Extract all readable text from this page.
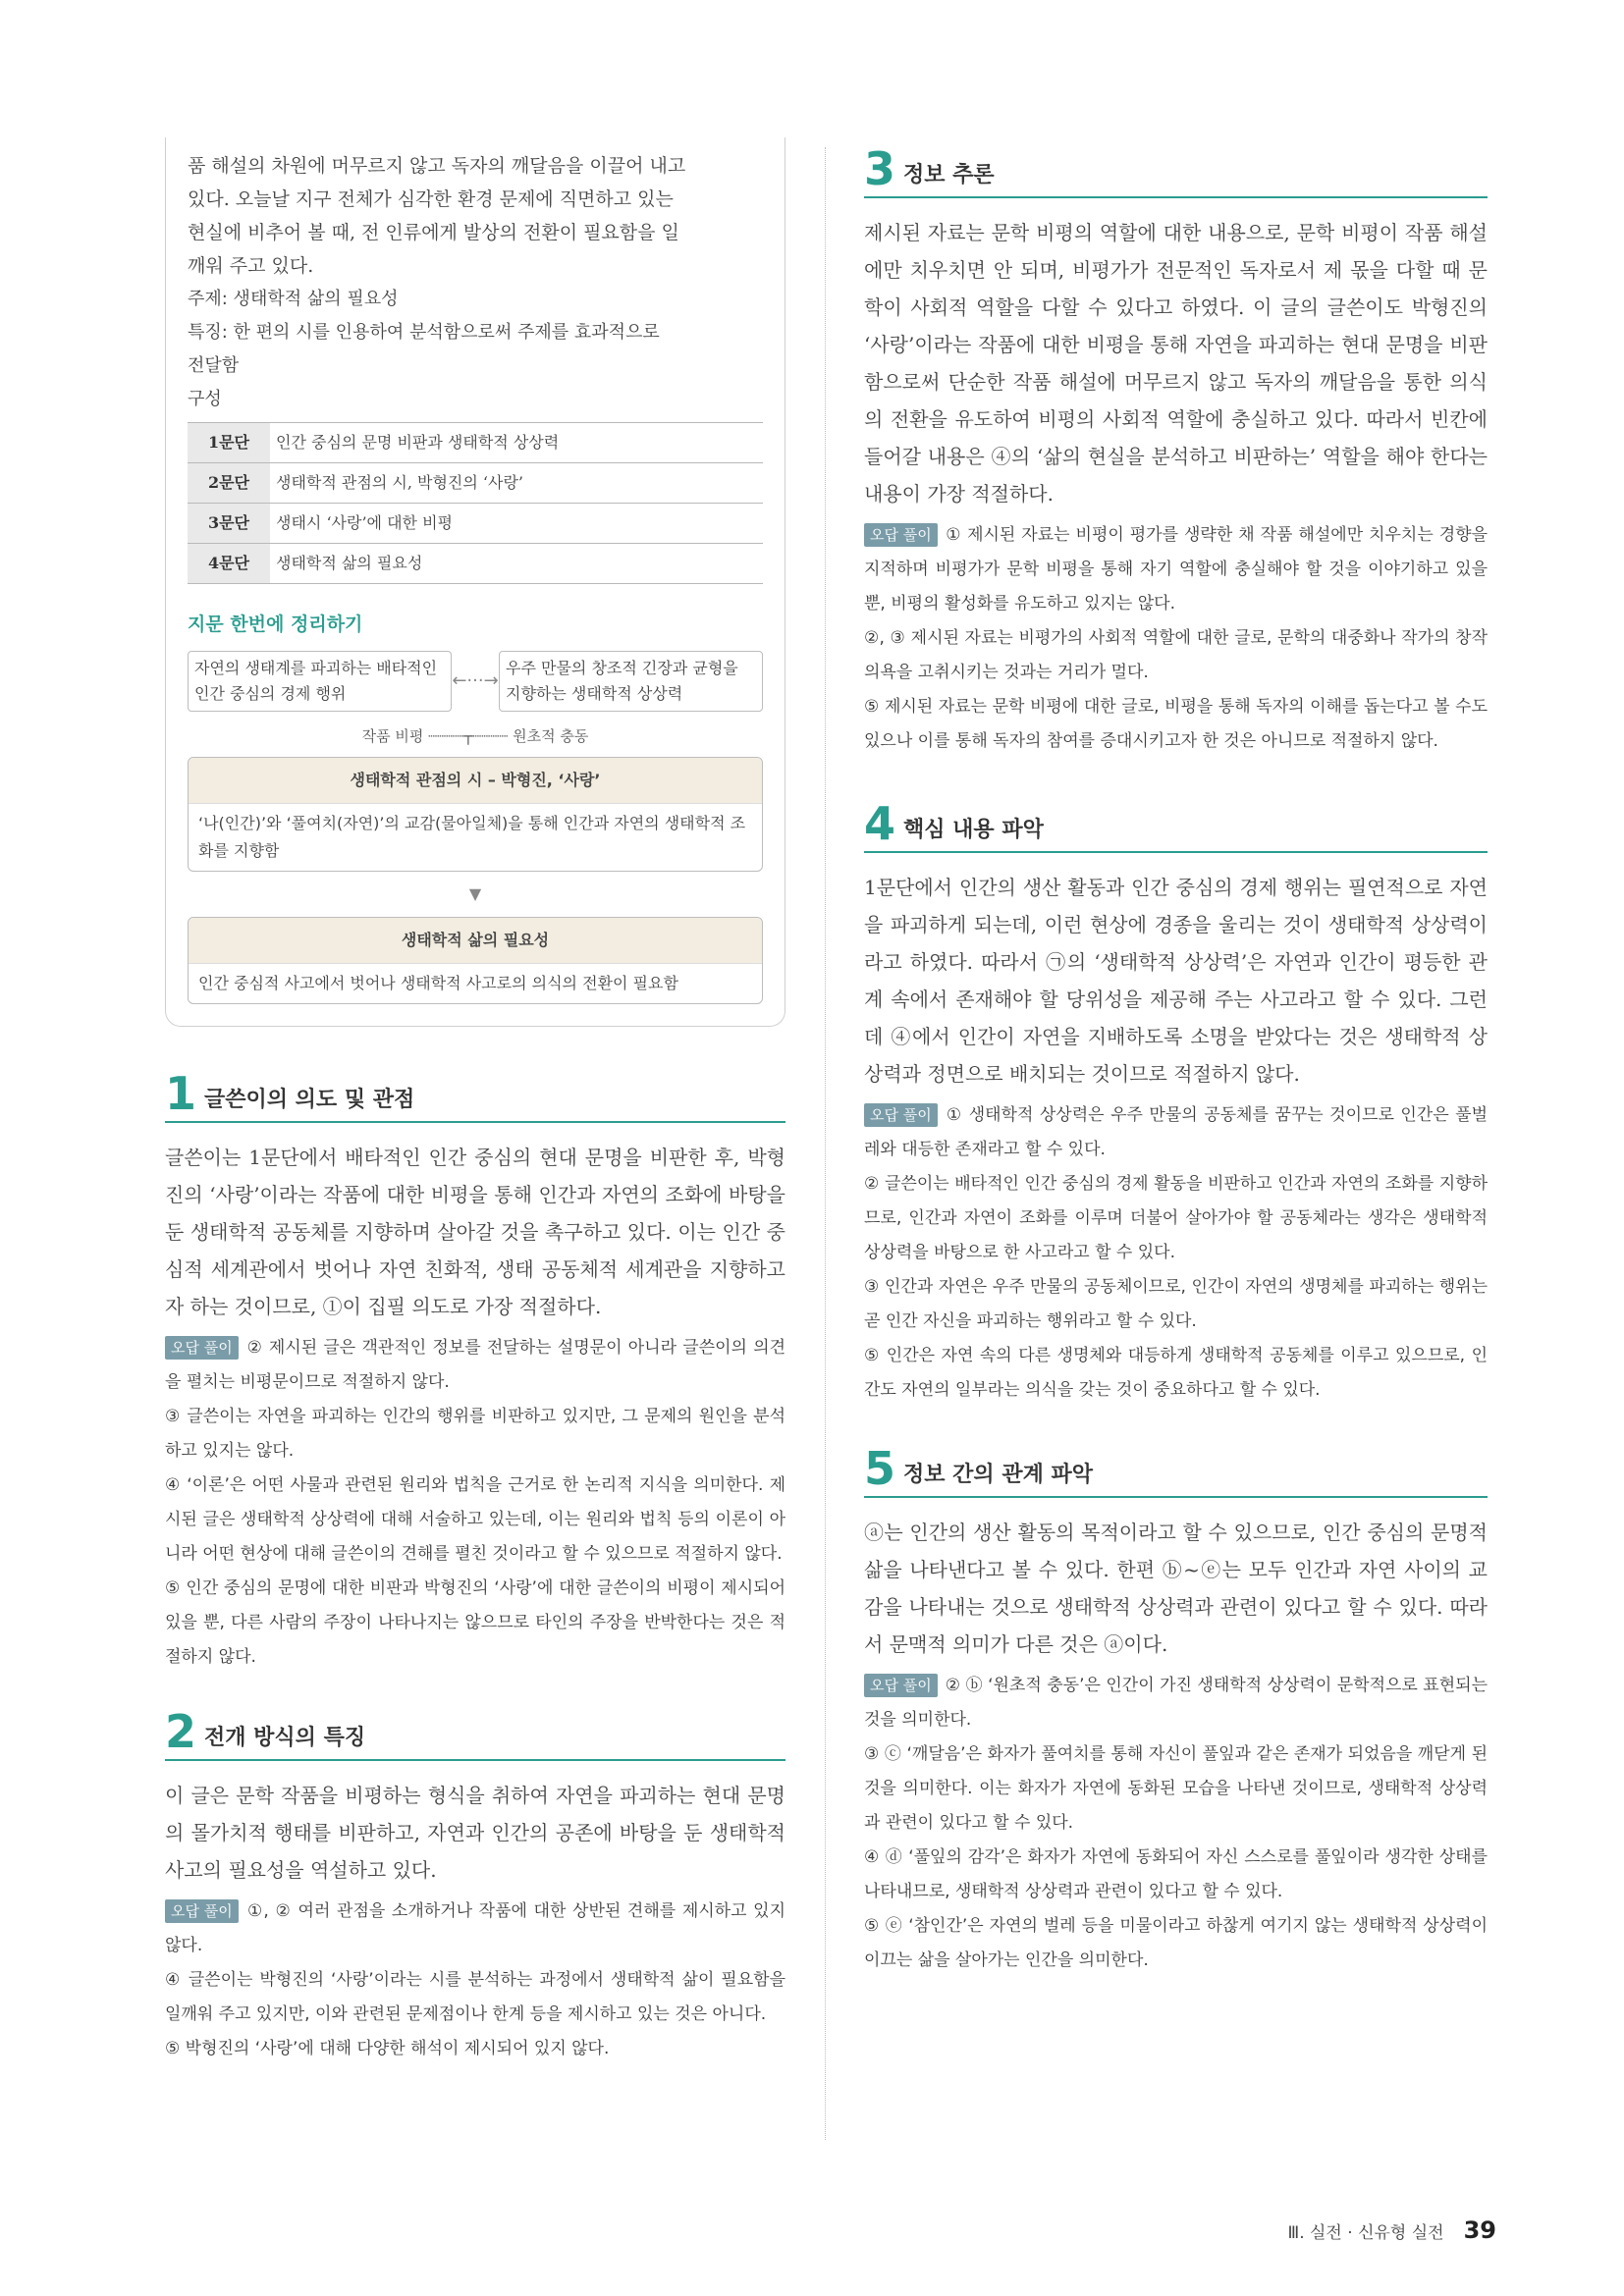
품 해설의 차원에 머무르지 않고 독자의 깨달음을 이끌어 내고

있다. 오늘날 지구 전체가 심각한 환경 문제에 직면하고 있는

현실에 비추어 볼 때, 전 인류에게 발상의 전환이 필요함을 일

깨워 주고 있다.

주제: 생태학적 삶의 필요성

특징: 한 편의 시를 인용하여 분석함으로써 주제를 효과적으로

전달함

구성

1문단	인간 중심의 문명 비판과 생태학적 상상력
2문단	생태학적 관점의 시, 박형진의 ‘사랑’
3문단	생태시 ‘사랑’에 대한 비평
4문단	생태학적 삶의 필요성
지문 한번에 정리하기
자연의 생태계를 파괴하는 배타적인 인간 중심의 경제 행위
←···→
우주 만물의 창조적 긴장과 균형을 지향하는 생태학적 상상력
작품 비평 ┈┈┈┈┬┈┈┈┈ 원초적 충동
생태학적 관점의 시 – 박형진, ‘사랑’
‘나(인간)’와 ‘풀여치(자연)’의 교감(물아일체)을 통해 인간과 자연의 생태학적 조화를 지향함
▼
생태학적 삶의 필요성
인간 중심적 사고에서 벗어나 생태학적 사고로의 의식의 전환이 필요함
1 글쓴이의 의도 및 관점

글쓴이는 1문단에서 배타적인 인간 중심의 현대 문명을 비판한 후, 박형진의 ‘사랑’이라는 작품에 대한 비평을 통해 인간과 자연의 조화에 바탕을 둔 생태학적 공동체를 지향하며 살아갈 것을 촉구하고 있다. 이는 인간 중심적 세계관에서 벗어나 자연 친화적, 생태 공동체적 세계관을 지향하고자 하는 것이므로, ①이 집필 의도로 가장 적절하다.

오답 풀이 ② 제시된 글은 객관적인 정보를 전달하는 설명문이 아니라 글쓴이의 의견을 펼치는 비평문이므로 적절하지 않다.

③ 글쓴이는 자연을 파괴하는 인간의 행위를 비판하고 있지만, 그 문제의 원인을 분석하고 있지는 않다.

④ ‘이론’은 어떤 사물과 관련된 원리와 법칙을 근거로 한 논리적 지식을 의미한다. 제시된 글은 생태학적 상상력에 대해 서술하고 있는데, 이는 원리와 법칙 등의 이론이 아니라 어떤 현상에 대해 글쓴이의 견해를 펼친 것이라고 할 수 있으므로 적절하지 않다.

⑤ 인간 중심의 문명에 대한 비판과 박형진의 ‘사랑’에 대한 글쓴이의 비평이 제시되어 있을 뿐, 다른 사람의 주장이 나타나지는 않으므로 타인의 주장을 반박한다는 것은 적절하지 않다.

2 전개 방식의 특징

이 글은 문학 작품을 비평하는 형식을 취하여 자연을 파괴하는 현대 문명의 몰가치적 행태를 비판하고, 자연과 인간의 공존에 바탕을 둔 생태학적 사고의 필요성을 역설하고 있다.

오답 풀이 ①, ② 여러 관점을 소개하거나 작품에 대한 상반된 견해를 제시하고 있지 않다.

④ 글쓴이는 박형진의 ‘사랑’이라는 시를 분석하는 과정에서 생태학적 삶이 필요함을 일깨워 주고 있지만, 이와 관련된 문제점이나 한계 등을 제시하고 있는 것은 아니다.

⑤ 박형진의 ‘사랑’에 대해 다양한 해석이 제시되어 있지 않다.

3 정보 추론

제시된 자료는 문학 비평의 역할에 대한 내용으로, 문학 비평이 작품 해설에만 치우치면 안 되며, 비평가가 전문적인 독자로서 제 몫을 다할 때 문학이 사회적 역할을 다할 수 있다고 하였다. 이 글의 글쓴이도 박형진의 ‘사랑’이라는 작품에 대한 비평을 통해 자연을 파괴하는 현대 문명을 비판함으로써 단순한 작품 해설에 머무르지 않고 독자의 깨달음을 통한 의식의 전환을 유도하여 비평의 사회적 역할에 충실하고 있다. 따라서 빈칸에 들어갈 내용은 ④의 ‘삶의 현실을 분석하고 비판하는’ 역할을 해야 한다는 내용이 가장 적절하다.

오답 풀이 ① 제시된 자료는 비평이 평가를 생략한 채 작품 해설에만 치우치는 경향을 지적하며 비평가가 문학 비평을 통해 자기 역할에 충실해야 할 것을 이야기하고 있을 뿐, 비평의 활성화를 유도하고 있지는 않다.

②, ③ 제시된 자료는 비평가의 사회적 역할에 대한 글로, 문학의 대중화나 작가의 창작 의욕을 고취시키는 것과는 거리가 멀다.

⑤ 제시된 자료는 문학 비평에 대한 글로, 비평을 통해 독자의 이해를 돕는다고 볼 수도 있으나 이를 통해 독자의 참여를 증대시키고자 한 것은 아니므로 적절하지 않다.

4 핵심 내용 파악

1문단에서 인간의 생산 활동과 인간 중심의 경제 행위는 필연적으로 자연을 파괴하게 되는데, 이런 현상에 경종을 울리는 것이 생태학적 상상력이라고 하였다. 따라서 ㉠의 ‘생태학적 상상력’은 자연과 인간이 평등한 관계 속에서 존재해야 할 당위성을 제공해 주는 사고라고 할 수 있다. 그런데 ④에서 인간이 자연을 지배하도록 소명을 받았다는 것은 생태학적 상상력과 정면으로 배치되는 것이므로 적절하지 않다.

오답 풀이 ① 생태학적 상상력은 우주 만물의 공동체를 꿈꾸는 것이므로 인간은 풀벌레와 대등한 존재라고 할 수 있다.

② 글쓴이는 배타적인 인간 중심의 경제 활동을 비판하고 인간과 자연의 조화를 지향하므로, 인간과 자연이 조화를 이루며 더불어 살아가야 할 공동체라는 생각은 생태학적 상상력을 바탕으로 한 사고라고 할 수 있다.

③ 인간과 자연은 우주 만물의 공동체이므로, 인간이 자연의 생명체를 파괴하는 행위는 곧 인간 자신을 파괴하는 행위라고 할 수 있다.

⑤ 인간은 자연 속의 다른 생명체와 대등하게 생태학적 공동체를 이루고 있으므로, 인간도 자연의 일부라는 의식을 갖는 것이 중요하다고 할 수 있다.

5 정보 간의 관계 파악

ⓐ는 인간의 생산 활동의 목적이라고 할 수 있으므로, 인간 중심의 문명적 삶을 나타낸다고 볼 수 있다. 한편 ⓑ~ⓔ는 모두 인간과 자연 사이의 교감을 나타내는 것으로 생태학적 상상력과 관련이 있다고 할 수 있다. 따라서 문맥적 의미가 다른 것은 ⓐ이다.

오답 풀이 ② ⓑ ‘원초적 충동’은 인간이 가진 생태학적 상상력이 문학적으로 표현되는 것을 의미한다.

③ ⓒ ‘깨달음’은 화자가 풀여치를 통해 자신이 풀잎과 같은 존재가 되었음을 깨닫게 된 것을 의미한다. 이는 화자가 자연에 동화된 모습을 나타낸 것이므로, 생태학적 상상력과 관련이 있다고 할 수 있다.

④ ⓓ ‘풀잎의 감각’은 화자가 자연에 동화되어 자신 스스로를 풀잎이라 생각한 상태를 나타내므로, 생태학적 상상력과 관련이 있다고 할 수 있다.

⑤ ⓔ ‘참인간’은 자연의 벌레 등을 미물이라고 하찮게 여기지 않는 생태학적 상상력이 이끄는 삶을 살아가는 인간을 의미한다.

Ⅲ. 실전 · 신유형 실전 39
